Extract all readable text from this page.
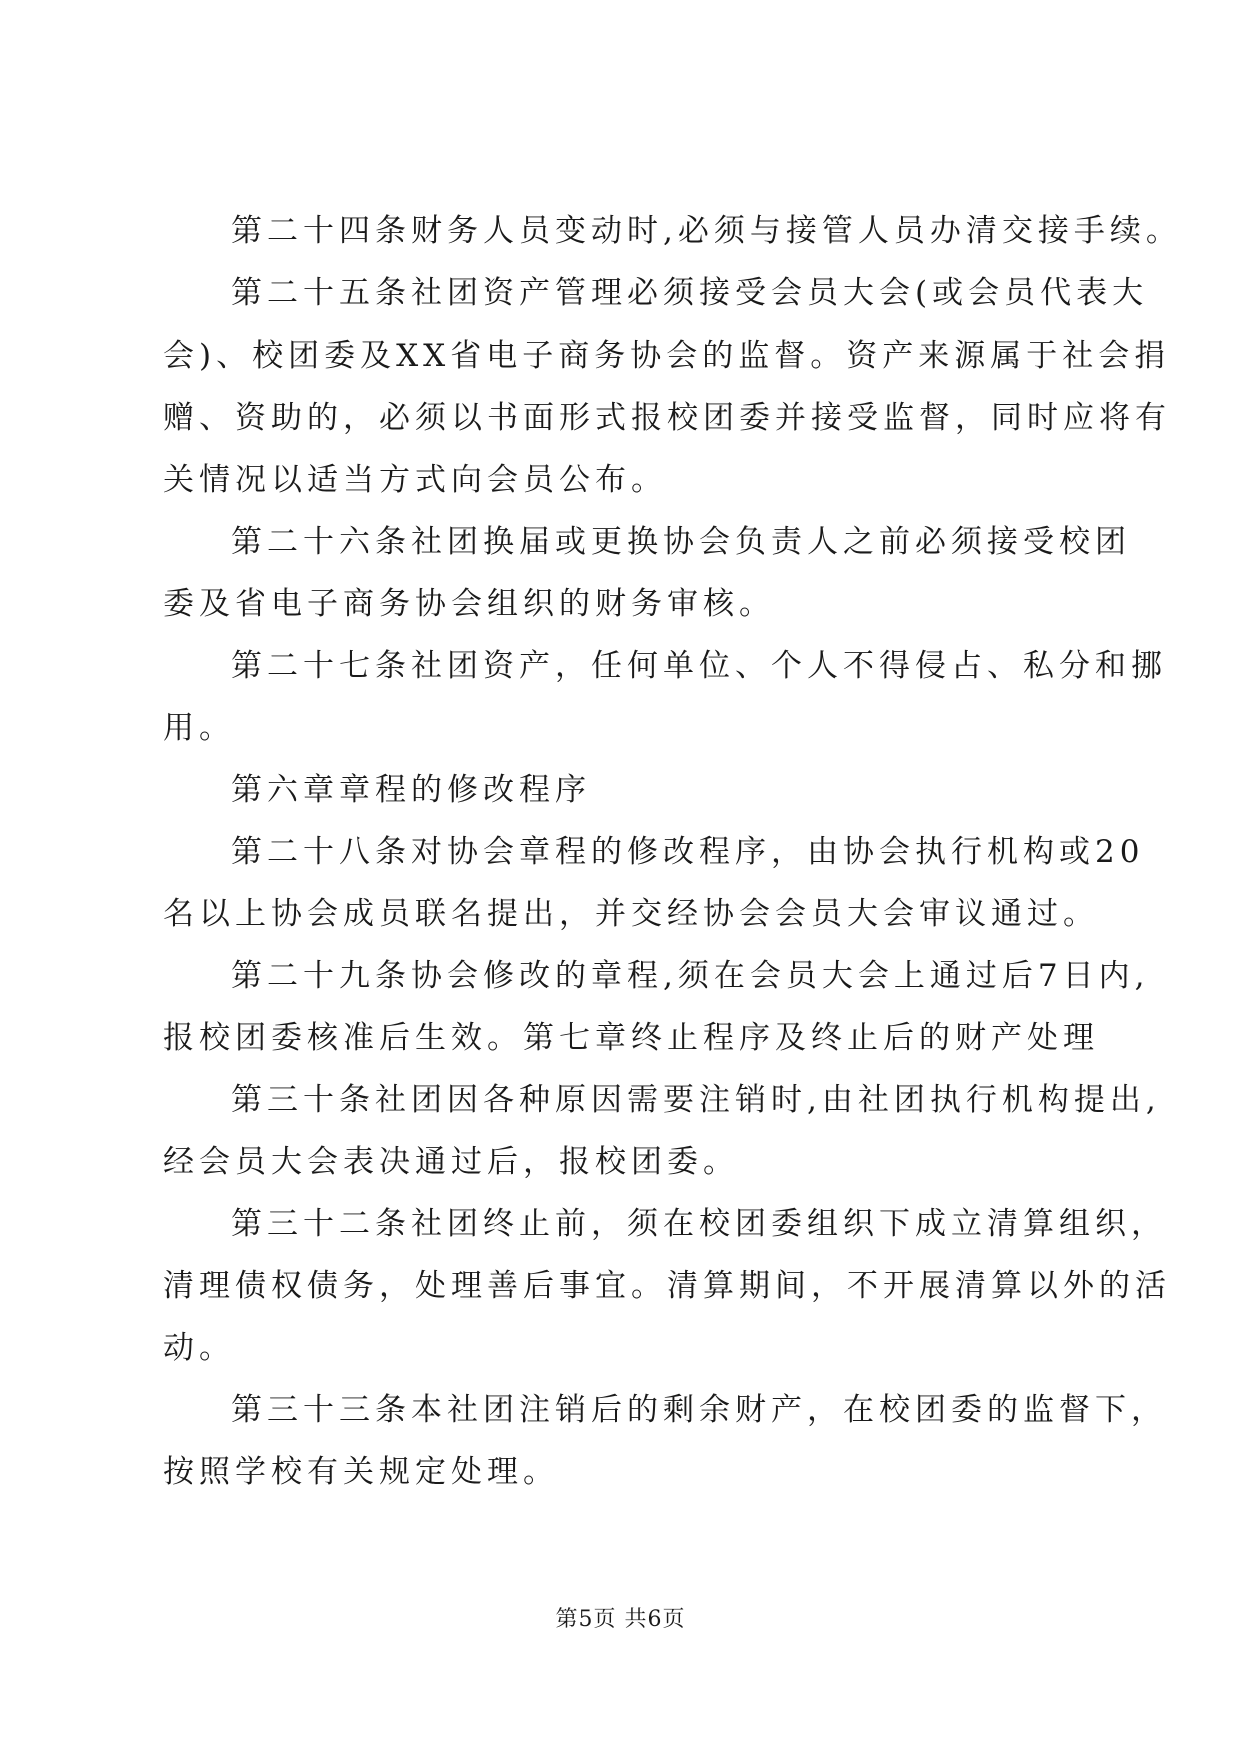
第二十四条财务人员变动时,必须与接管人员办清交接手续。
第二十五条社团资产管理必须接受会员大会(或会员代表大
会)、校团委及XX省电子商务协会的监督。资产来源属于社会捐
赠、资助的，必须以书面形式报校团委并接受监督，同时应将有
关情况以适当方式向会员公布。
第二十六条社团换届或更换协会负责人之前必须接受校团
委及省电子商务协会组织的财务审核。
第二十七条社团资产，任何单位、个人不得侵占、私分和挪
用。
第六章章程的修改程序
第二十八条对协会章程的修改程序，由协会执行机构或20
名以上协会成员联名提出，并交经协会会员大会审议通过。
第二十九条协会修改的章程,须在会员大会上通过后7日内,
报校团委核准后生效。第七章终止程序及终止后的财产处理
第三十条社团因各种原因需要注销时,由社团执行机构提出,
经会员大会表决通过后，报校团委。
第三十二条社团终止前，须在校团委组织下成立清算组织，
清理债权债务，处理善后事宜。清算期间，不开展清算以外的活
动。
第三十三条本社团注销后的剩余财产，在校团委的监督下，
按照学校有关规定处理。
第5页 共6页
